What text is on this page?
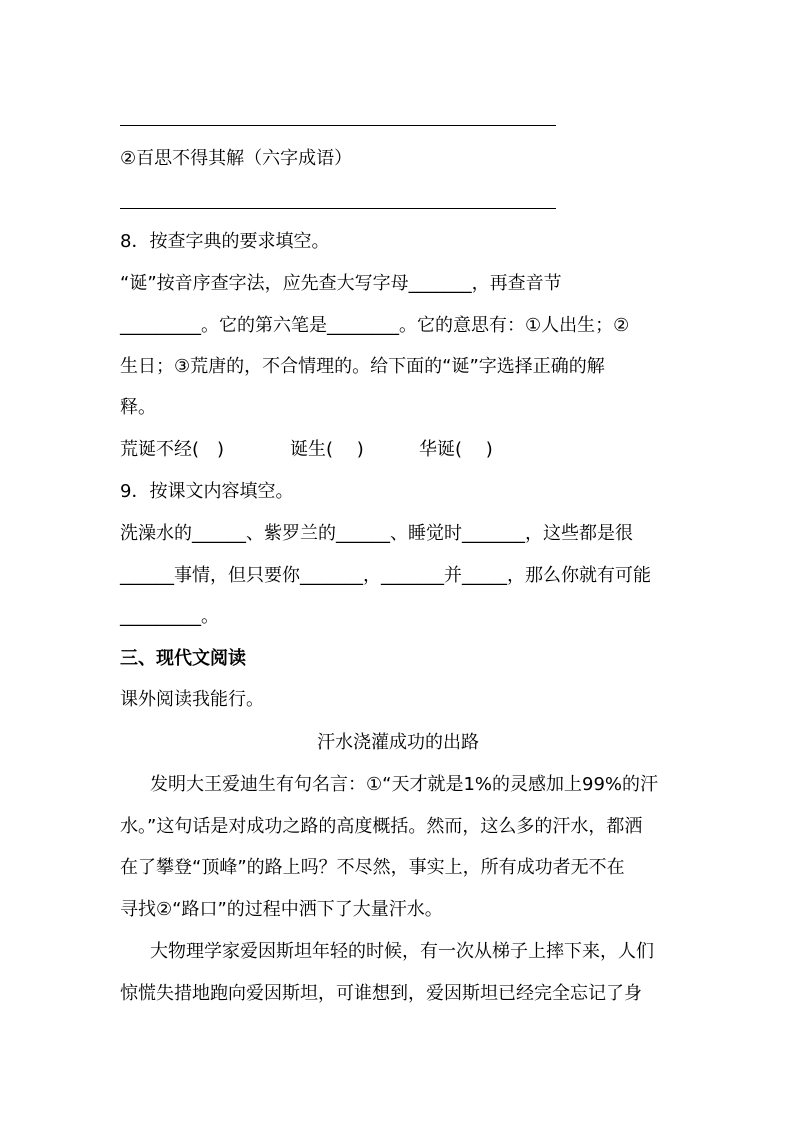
②百思不得其解（六字成语）
8．按查字典的要求填空。
“诞”按音序查字法，应先查大写字母_______，再查音节
_________。它的第六笔是________。它的意思有：①人出生；②
生日；③荒唐的，不合情理的。给下面的“诞”字选择正确的解
释。
荒诞不经(　)	诞生(　 )	华诞(　 )
9．按课文内容填空。
洗澡水的______、紫罗兰的______、睡觉时_______，这些都是很
______事情，但只要你_______，_______并_____，那么你就有可能
_________。
三、现代文阅读
课外阅读我能行。
汗水浇灌成功的出路
发明大王爱迪生有句名言：①“天才就是1%的灵感加上99%的汗
水。”这句话是对成功之路的高度概括。然而，这么多的汗水，都洒
在了攀登“顶峰”的路上吗？不尽然，事实上，所有成功者无不在
寻找②“路口”的过程中洒下了大量汗水。
大物理学家爱因斯坦年轻的时候，有一次从梯子上摔下来，人们
惊慌失措地跑向爱因斯坦，可谁想到，爱因斯坦已经完全忘记了身
